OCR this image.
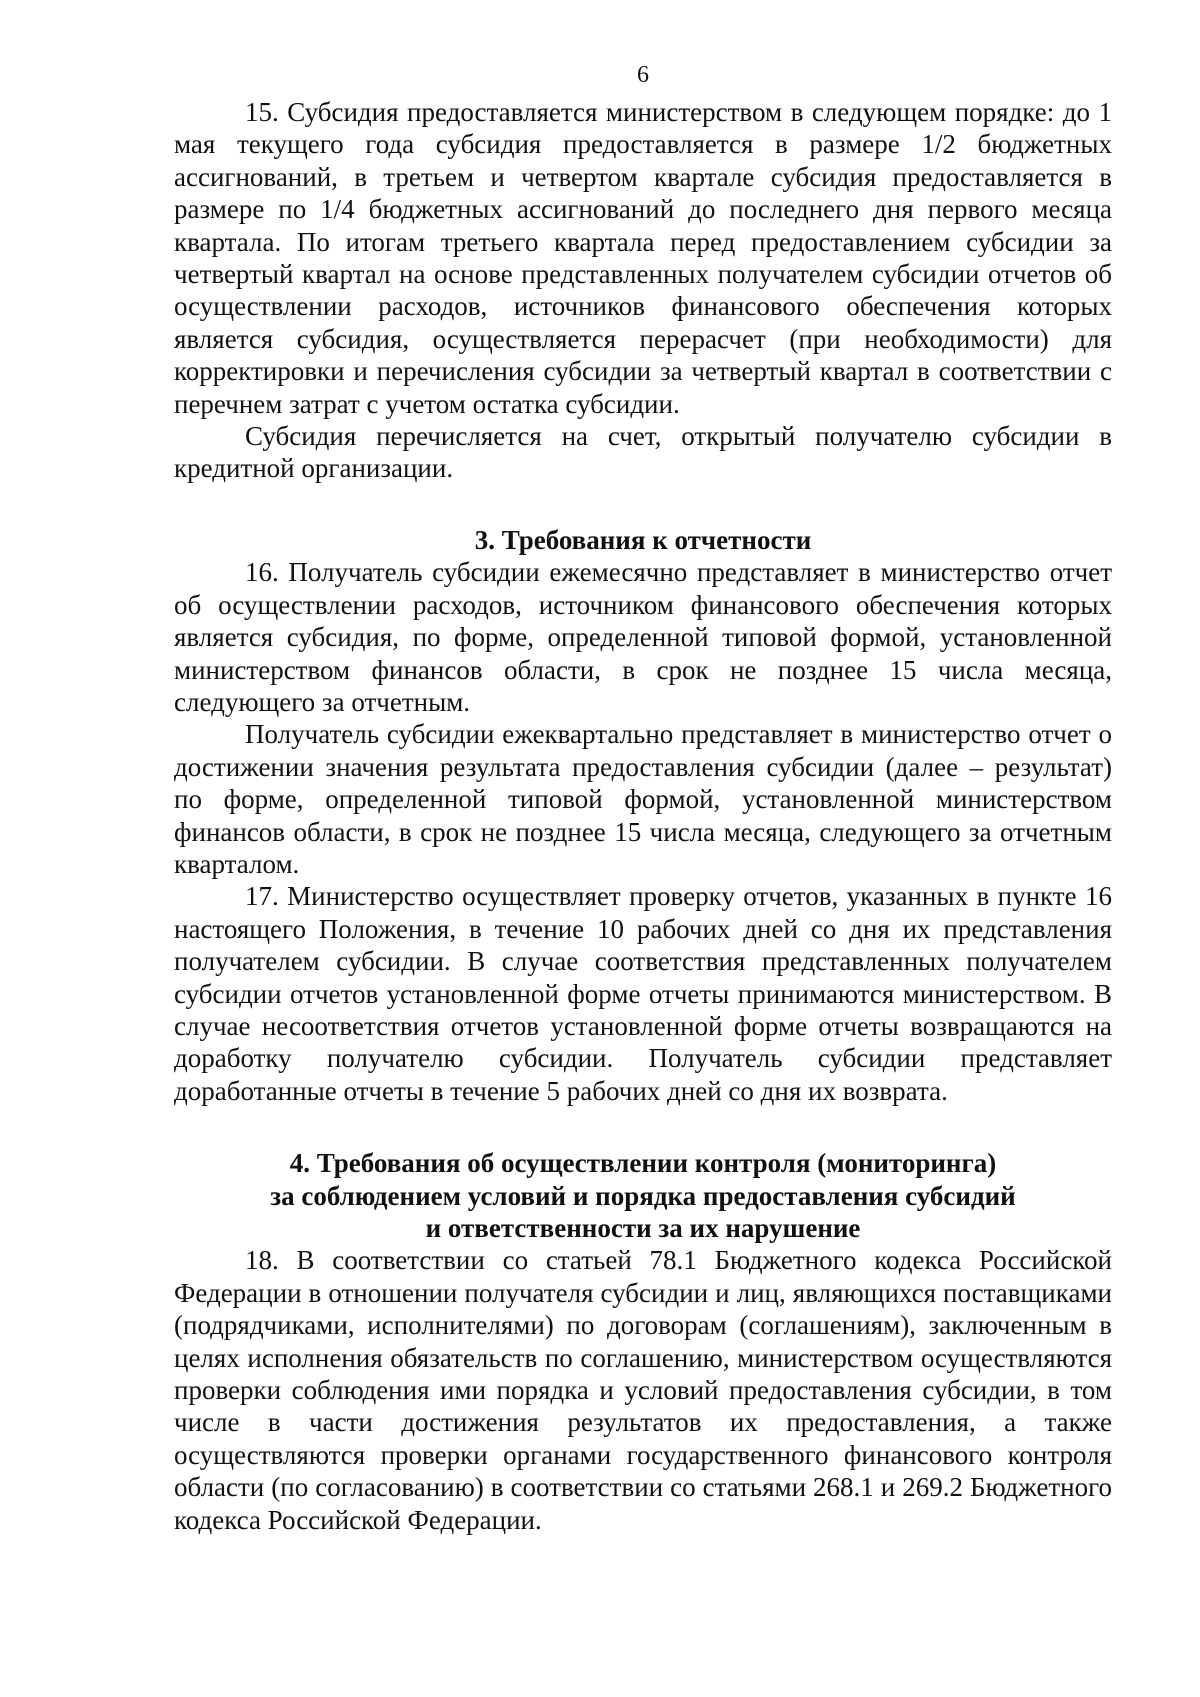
6

15. Субсидия предоставляется министерством в следующем порядке: до 1 мая текущего года субсидия предоставляется в размере 1/2 бюджетных ассигнований, в третьем и четвертом квартале субсидия предоставляется в размере по 1/4 бюджетных ассигнований до последнего дня первого месяца квартала. По итогам третьего квартала перед предоставлением субсидии за четвертый квартал на основе представленных получателем субсидии отчетов об осуществлении расходов, источников финансового обеспечения которых является субсидия, осуществляется перерасчет (при необходимости) для корректировки и перечисления субсидии за четвертый квартал в соответствии с перечнем затрат с учетом остатка субсидии.

Субсидия перечисляется на счет, открытый получателю субсидии в кредитной организации.

3. Требования к отчетности

16. Получатель субсидии ежемесячно представляет в министерство отчет об осуществлении расходов, источником финансового обеспечения которых является субсидия, по форме, определенной типовой формой, установленной министерством финансов области, в срок не позднее 15 числа месяца, следующего за отчетным.

Получатель субсидии ежеквартально представляет в министерство отчет о достижении значения результата предоставления субсидии (далее – результат) по форме, определенной типовой формой, установленной министерством финансов области, в срок не позднее 15 числа месяца, следующего за отчетным кварталом.

17. Министерство осуществляет проверку отчетов, указанных в пункте 16 настоящего Положения, в течение 10 рабочих дней со дня их представления получателем субсидии. В случае соответствия представленных получателем субсидии отчетов установленной форме отчеты принимаются министерством. В случае несоответствия отчетов установленной форме отчеты возвращаются на доработку получателю субсидии. Получатель субсидии представляет доработанные отчеты в течение 5 рабочих дней со дня их возврата.

4. Требования об осуществлении контроля (мониторинга)
за соблюдением условий и порядка предоставления субсидий
и ответственности за их нарушение

18. В соответствии со статьей 78.1 Бюджетного кодекса Российской Федерации в отношении получателя субсидии и лиц, являющихся поставщиками (подрядчиками, исполнителями) по договорам (соглашениям), заключенным в целях исполнения обязательств по соглашению, министерством осуществляются проверки соблюдения ими порядка и условий предоставления субсидии, в том числе в части достижения результатов их предоставления, а также осуществляются проверки органами государственного финансового контроля области (по согласованию) в соответствии со статьями 268.1 и 269.2 Бюджетного кодекса Российской Федерации.
